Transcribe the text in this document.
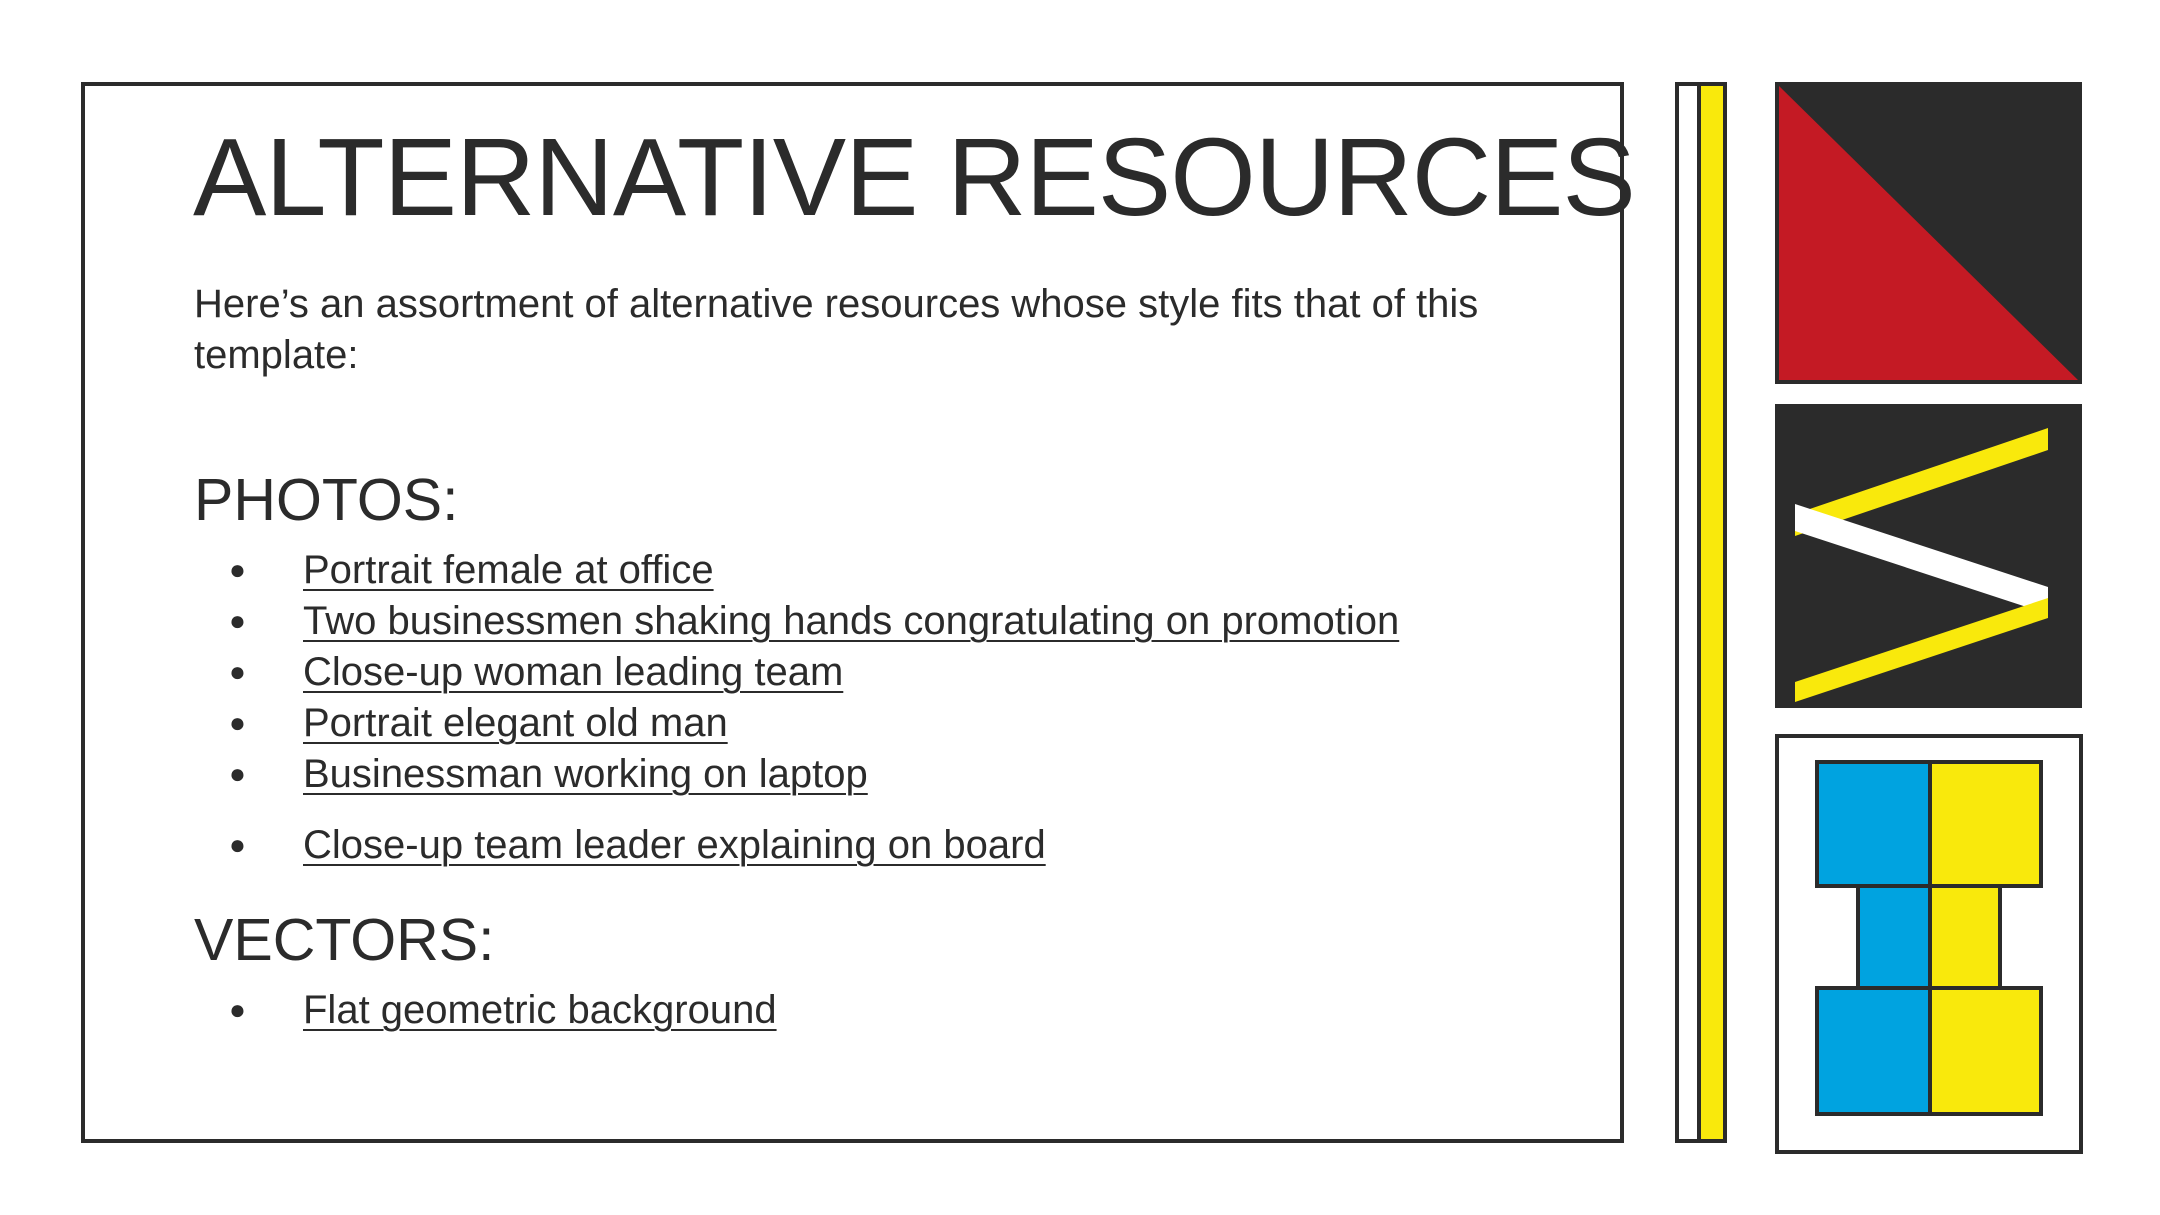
ALTERNATIVE RESOURCES

Here’s an assortment of alternative resources whose style fits that of this template:

PHOTOS:
● Portrait female at office
● Two businessmen shaking hands congratulating on promotion
● Close-up woman leading team
● Portrait elegant old man
● Businessman working on laptop
● Close-up team leader explaining on board
VECTORS:
● Flat geometric background
